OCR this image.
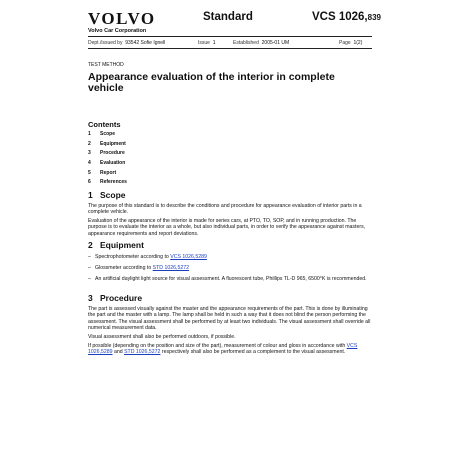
VOLVO
Volvo Car Corporation
Standard	VCS 1026,839
Dept./issued by 93542 Sofie Ignell	Issue 1	Established 2005-01 UM	Page 1(2)
TEST METHOD
Appearance evaluation of the interior in complete vehicle
Contents
1 Scope
2 Equipment
3 Procedure
4 Evaluation
5 Report
6 References
1 Scope
The purpose of this standard is to describe the conditions and procedure for appearance evaluation of interior parts in a complete vehicle.
Evaluation of the appearance of the interior is made for series cars, at PTO, TO, SOP, and in running production. The purpose is to evaluate the interior as a whole, but also individual parts, in order to verify the appearance against masters, appearance requirements and report deviations.
2 Equipment
– Spectrophotometer according to VCS 1026,5289
– Glossmeter according to STD 1026,5272
– An artificial daylight light source for visual assessment. A fluorescent tube, Phillips TL-D 965, 6500°K is recommended.
3 Procedure
The part is assessed visually against the master and the appearance requirements of the part. This is done by illuminating the part and the master with a lamp. The lamp shall be held in such a way that it does not blind the person performing the assessment. The visual assessment shall be performed by at least two individuals. The visual assessment shall override all numerical measurement data.
Visual assessment shall also be performed outdoors, if possible.
If possible (depending on the position and size of the part), measurement of colour and gloss in accordance with VCS 1026,5289 and STD 1026,5272 respectively shall also be performed as a complement to the visual assessment.
